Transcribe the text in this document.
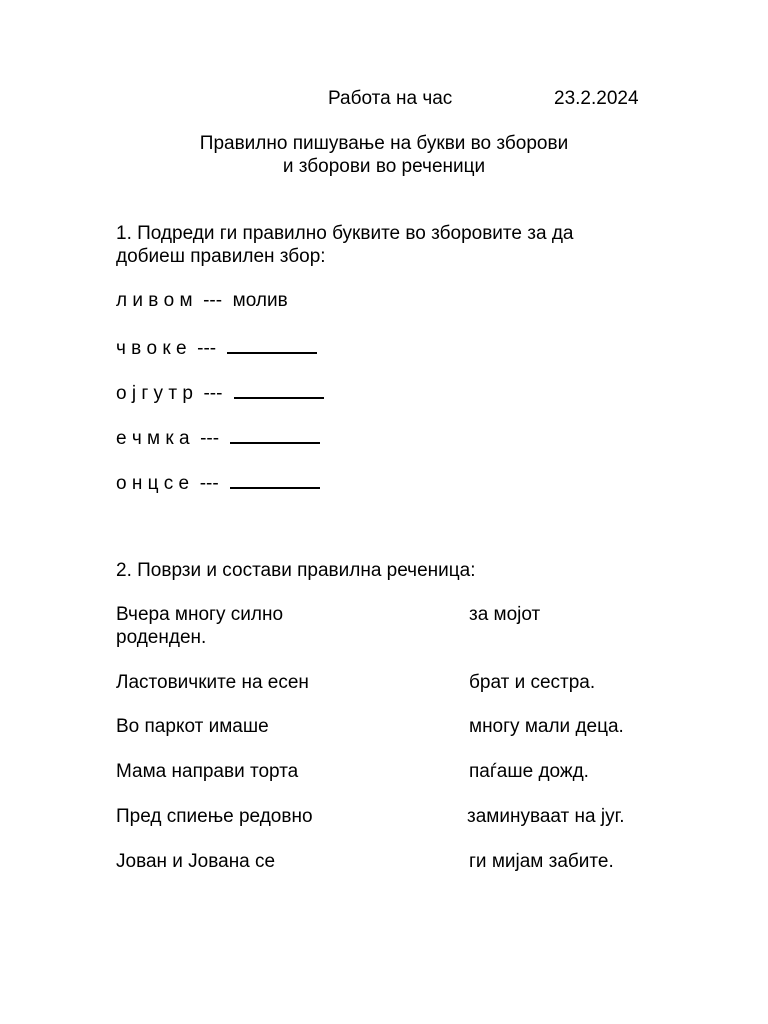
Работа на час	23.2.2024
Правилно пишување на букви во зборови
и зборови во реченици
1. Подреди ги правилно буквите во зборовите за да
добиеш правилен збор:
л и в о м --- молив
ч в о к е ---
о ј г у т р ---
е ч м к а ---
о н ц с е ---
2. Поврзи и состави правилна реченица:
Вчера многу силно	за мојот
роденден.
Ластовичките на есен	брат и сестра.
Во паркот имаше	многу мали деца.
Мама направи торта	паѓаше дожд.
Пред спиење редовно	заминуваат на југ.
Јован и Јована се	ги мијам забите.
